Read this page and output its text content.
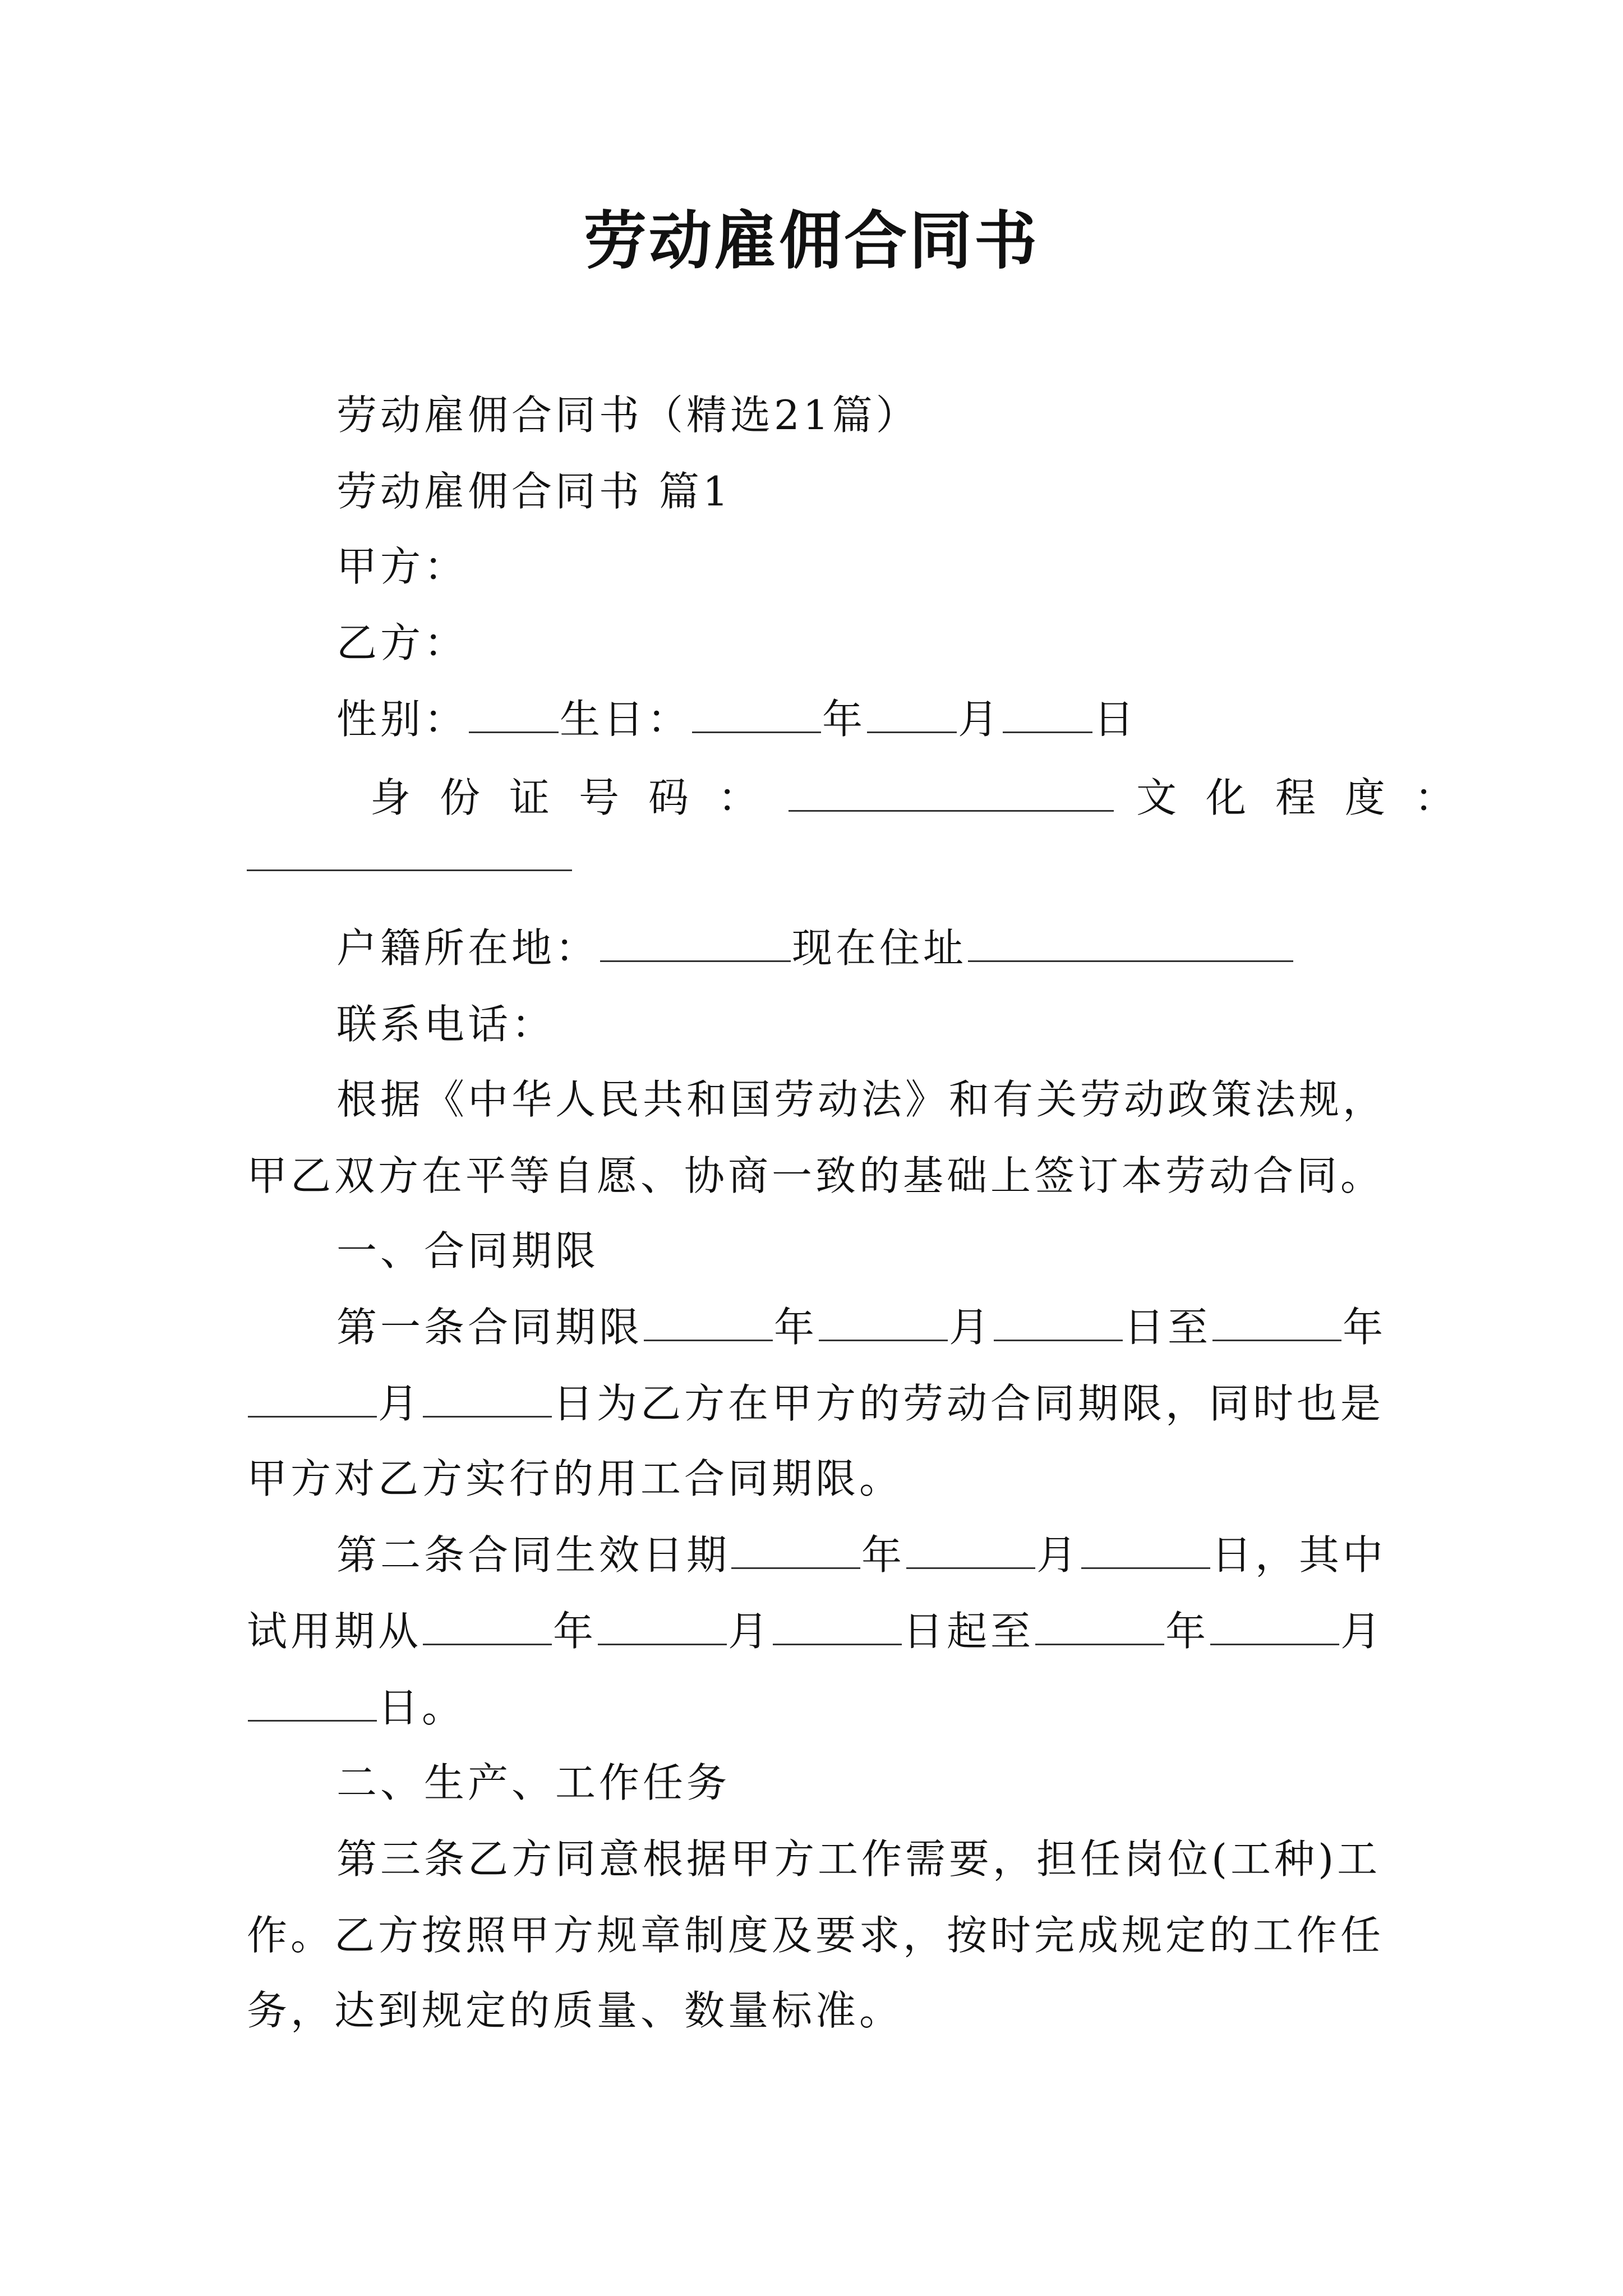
劳动雇佣合同书
劳动雇佣合同书（精选21篇）
劳动雇佣合同书 篇1
甲方：
乙方：
性别： 生日：	年 月 日
身份证号码：	文化程度：
户籍所在地：	现在住址
联系电话：
根据《中华人民共和国劳动法》和有关劳动政策法规，
甲乙双方在平等自愿、协商一致的基础上签订本劳动合同。
一、合同期限
第一条合同期限	年	月	日至	年
月	日为乙方在甲方的劳动合同期限，同时也是
甲方对乙方实行的用工合同期限。
第二条合同生效日期	年	月	日，其中
试用期从	年	月	日起至	年	月
日。
二、生产、工作任务
第三条乙方同意根据甲方工作需要，担任岗位(工种)工
作。乙方按照甲方规章制度及要求，按时完成规定的工作任
务，达到规定的质量、数量标准。
